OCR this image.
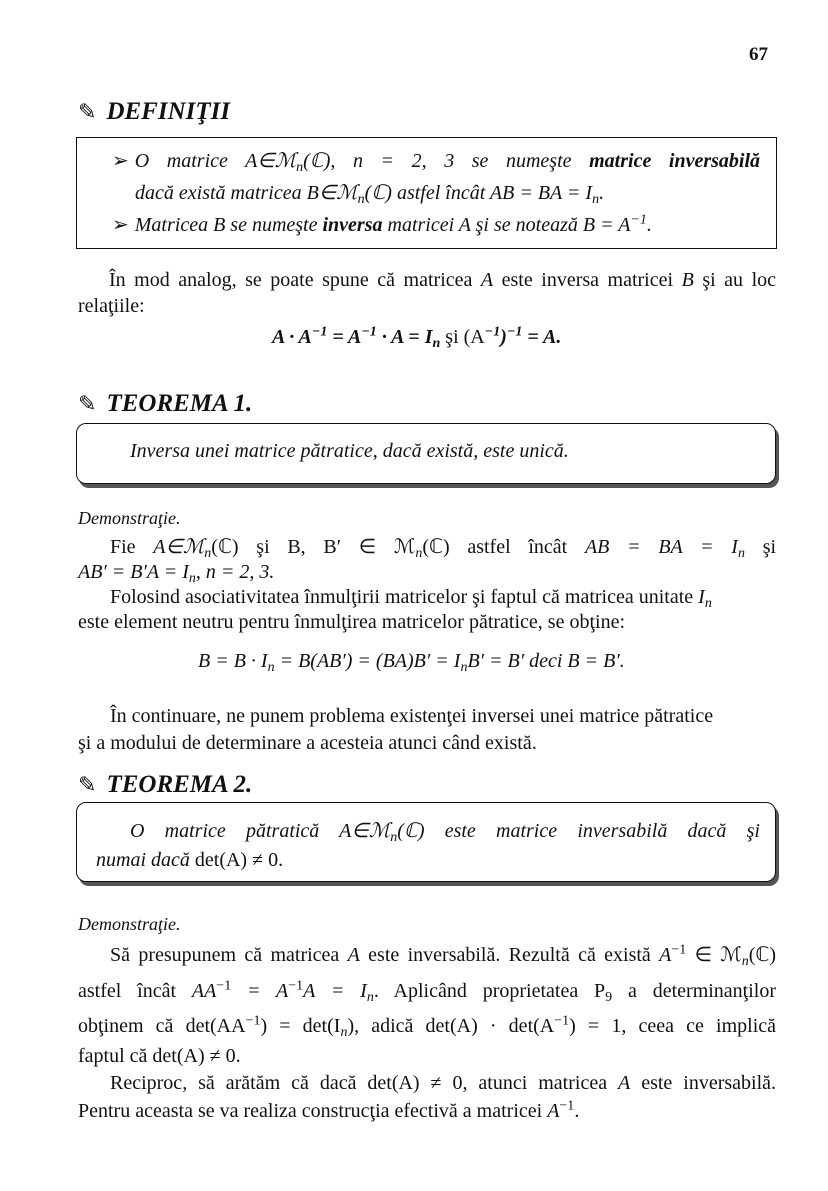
67
✎ DEFINIŢII
➢ O matrice A∈ℳ$_n$(ℂ), n = 2, 3 se numeşte matrice inversabilă
dacă există matricea B∈ℳ$_n$(ℂ) astfel încât AB = BA = $I_n$.
➢ Matricea B se numeşte inversa matricei A şi se notează $B = A^{-1}$.
În mod analog, se poate spune că matricea A este inversa matricei B şi au loc
relaţiile:
$A \cdot A^{-1} = A^{-1} \cdot A = I_n$ şi $(A^{-1})^{-1} = A$.
✎ TEOREMA 1.
Inversa unei matrice pătratice, dacă există, este unică.
Demonstraţie.
Fie A∈ℳ$_n$(ℂ) şi B, B′ ∈ ℳ$_n$(ℂ) astfel încât AB = BA = $I_n$ şi
$AB' = B'A = I_n$, n = 2, 3.
Folosind asociativitatea înmulţirii matricelor şi faptul că matricea unitate $I_n$
este element neutru pentru înmulţirea matricelor pătratice, se obţine:
$B = B \cdot I_n = B(AB') = (BA)B' = I_nB' = B'$ deci B = B′.
În continuare, ne punem problema existenţei inversei unei matrice pătratice
şi a modului de determinare a acesteia atunci când există.
✎ TEOREMA 2.
O matrice pătratică A∈ℳ$_n$(ℂ) este matrice inversabilă dacă şi
numai dacă det(A) ≠ 0.
Demonstraţie.
Să presupunem că matricea A este inversabilă. Rezultă că există $A^{-1}$ ∈ ℳ$_n$(ℂ)
astfel încât $AA^{-1} = A^{-1}A = I_n$. Aplicând proprietatea $P_9$ a determinanţilor
obţinem că $\det(AA^{-1}) = \det(I_n)$, adică $\det(A) \cdot \det(A^{-1}) = 1$, ceea ce implică
faptul că det(A) ≠ 0.
Reciproc, să arătăm că dacă det(A) ≠ 0, atunci matricea A este inversabilă.
Pentru aceasta se va realiza construcţia efectivă a matricei $A^{-1}$.
